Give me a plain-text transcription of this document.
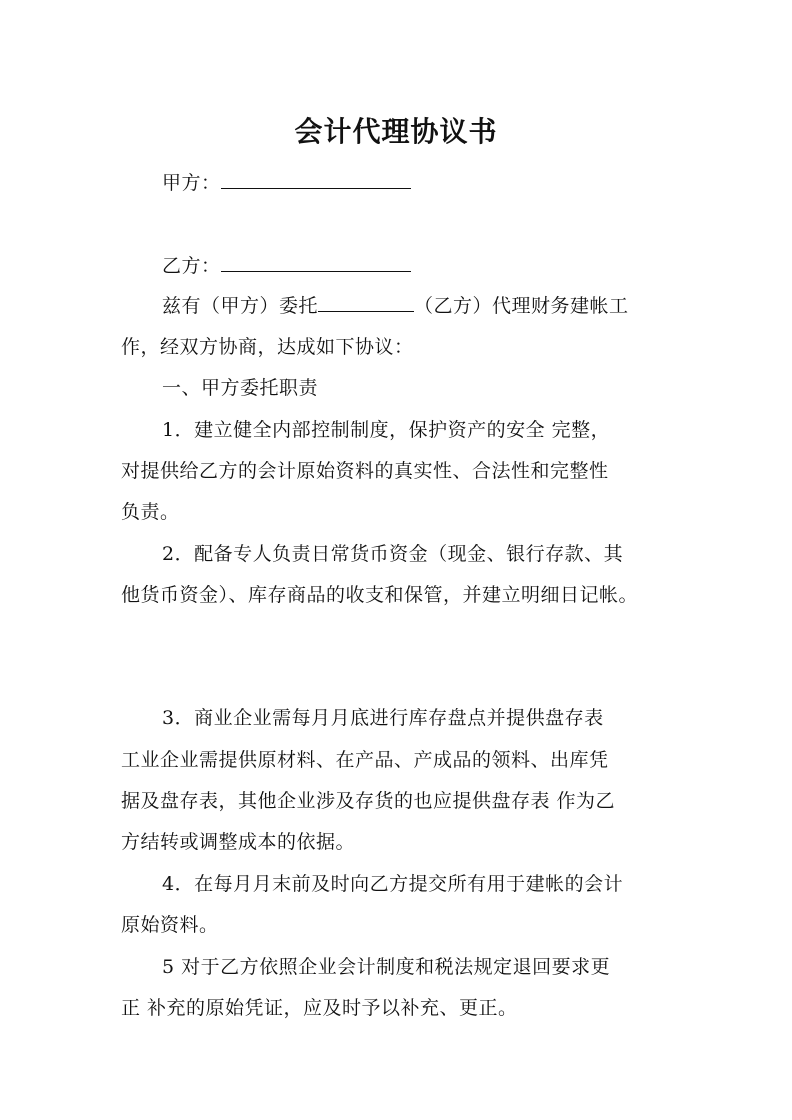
会计代理协议书
甲方：
乙方：
兹有（甲方）委托	（乙方）代理财务建帐工
作，经双方协商，达成如下协议：
一、甲方委托职责
1．建立健全内部控制制度，保护资产的安全 完整，
对提供给乙方的会计原始资料的真实性、合法性和完整性
负责。
2．配备专人负责日常货币资金（现金、银行存款、其
他货币资金）、库存商品的收支和保管，并建立明细日记帐。
3．商业企业需每月月底进行库存盘点并提供盘存表
工业企业需提供原材料、在产品、产成品的领料、出库凭
据及盘存表，其他企业涉及存货的也应提供盘存表 作为乙
方结转或调整成本的依据。
4．在每月月末前及时向乙方提交所有用于建帐的会计
原始资料。
5 对于乙方依照企业会计制度和税法规定退回要求更
正 补充的原始凭证，应及时予以补充、更正。
